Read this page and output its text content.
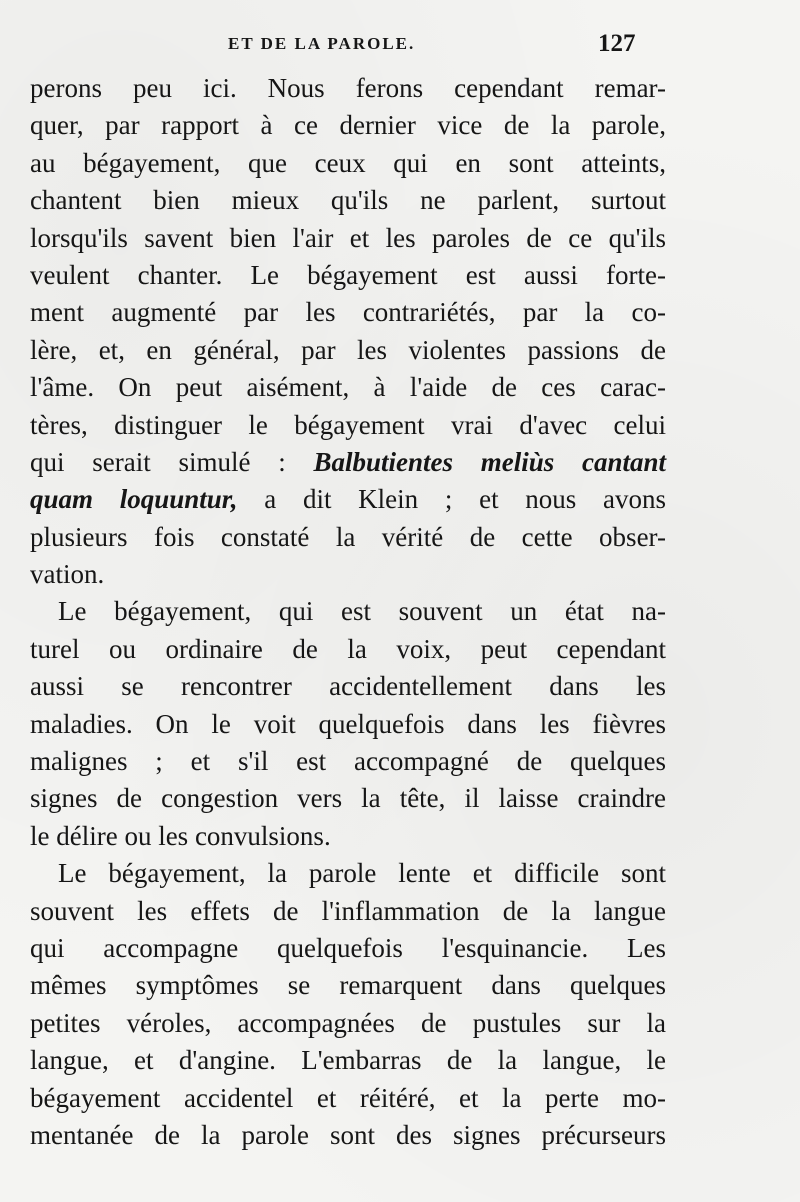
ET DE LA PAROLE.	127
perons peu ici. Nous ferons cependant remar-
quer, par rapport à ce dernier vice de la parole,
au bégayement, que ceux qui en sont atteints,
chantent bien mieux qu'ils ne parlent, surtout
lorsqu'ils savent bien l'air et les paroles de ce qu'ils
veulent chanter. Le bégayement est aussi forte-
ment augmenté par les contrariétés, par la co-
lère, et, en général, par les violentes passions de
l'âme. On peut aisément, à l'aide de ces carac-
tères, distinguer le bégayement vrai d'avec celui
qui serait simulé : Balbutientes meliùs cantant
quam loquuntur, a dit Klein ; et nous avons
plusieurs fois constaté la vérité de cette obser-
vation.
Le bégayement, qui est souvent un état na-
turel ou ordinaire de la voix, peut cependant
aussi se rencontrer accidentellement dans les
maladies. On le voit quelquefois dans les fièvres
malignes ; et s'il est accompagné de quelques
signes de congestion vers la tête, il laisse craindre
le délire ou les convulsions.
Le bégayement, la parole lente et difficile sont
souvent les effets de l'inflammation de la langue
qui accompagne quelquefois l'esquinancie. Les
mêmes symptômes se remarquent dans quelques
petites véroles, accompagnées de pustules sur la
langue, et d'angine. L'embarras de la langue, le
bégayement accidentel et réitéré, et la perte mo-
mentanée de la parole sont des signes précurseurs
